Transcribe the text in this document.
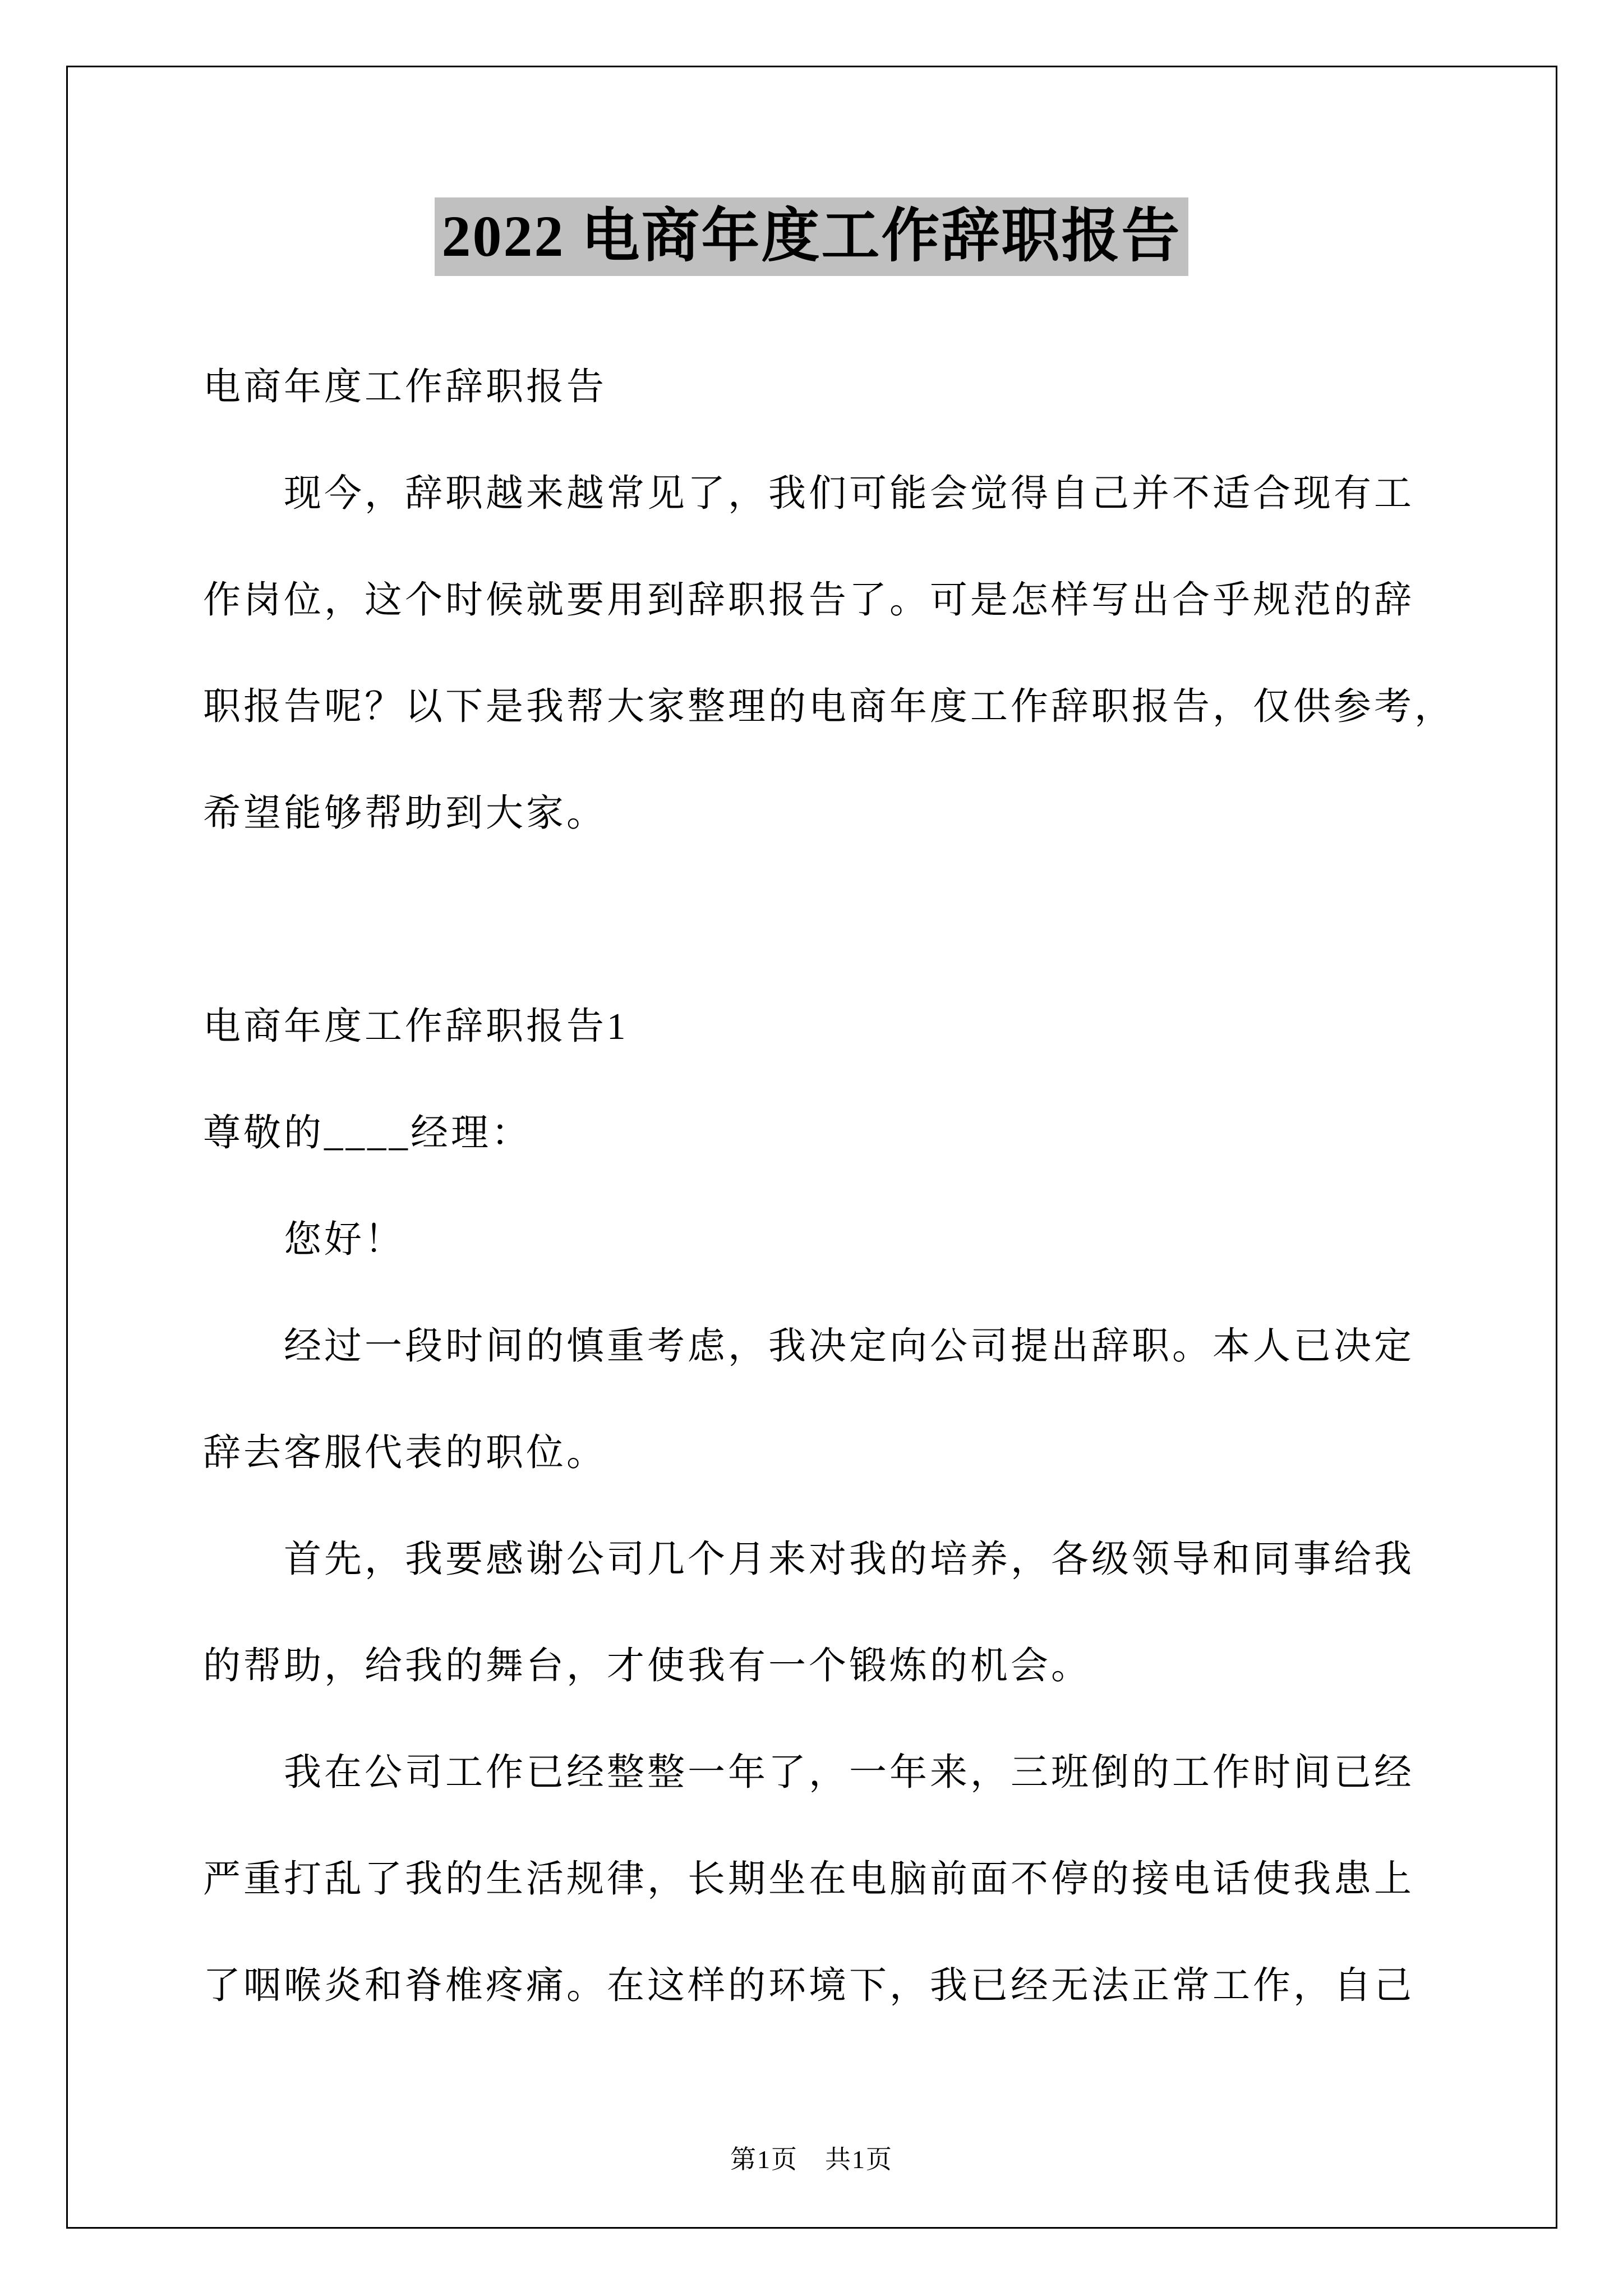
2022 电商年度工作辞职报告
电商年度工作辞职报告
　　现今，辞职越来越常见了，我们可能会觉得自己并不适合现有工
作岗位，这个时候就要用到辞职报告了。可是怎样写出合乎规范的辞
职报告呢？以下是我帮大家整理的电商年度工作辞职报告，仅供参考，
希望能够帮助到大家。
电商年度工作辞职报告1
尊敬的____经理：
　　您好！
　　经过一段时间的慎重考虑，我决定向公司提出辞职。本人已决定
辞去客服代表的职位。
　　首先，我要感谢公司几个月来对我的培养，各级领导和同事给我
的帮助，给我的舞台，才使我有一个锻炼的机会。
　　我在公司工作已经整整一年了，一年来，三班倒的工作时间已经
严重打乱了我的生活规律，长期坐在电脑前面不停的接电话使我患上
了咽喉炎和脊椎疼痛。在这样的环境下，我已经无法正常工作，自己
第1页　共1页
